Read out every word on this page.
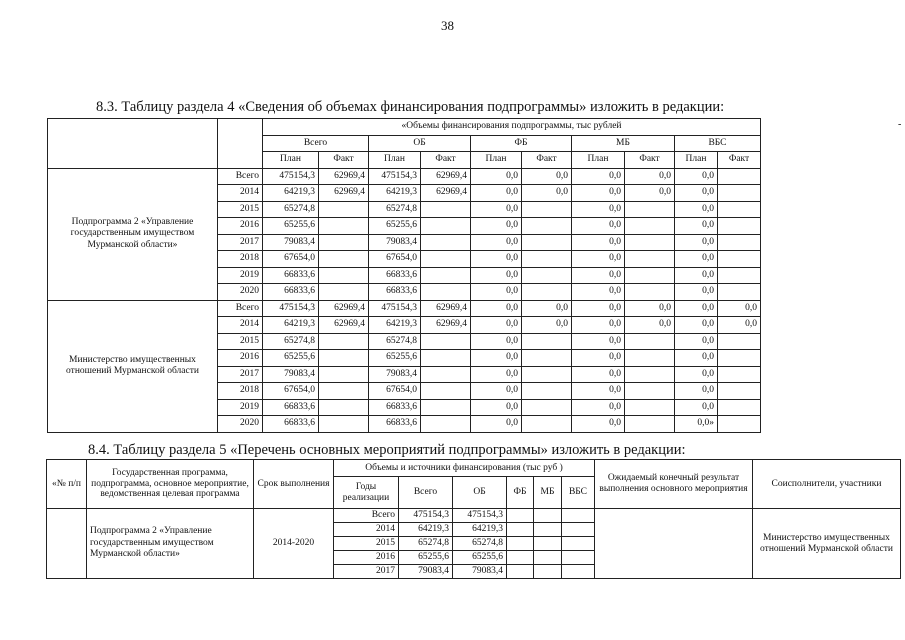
38
8.3. Таблицу раздела 4 «Сведения об объемах финансирования подпрограммы» изложить в редакции:
-
		«Объемы финансирования подпрограммы, тыс рублей									
		Всего		ОБ		ФБ		МБ		ВБС	
		План	Факт	План	Факт	План	Факт	План	Факт	План	Факт
Подпрограмма 2 «Управление государственным имуществом Мурманской области»	Всего	475154,3	62969,4	475154,3	62969,4	0,0	0,0	0,0	0,0	0,0	
	2014	64219,3	62969,4	64219,3	62969,4	0,0	0,0	0,0	0,0	0,0	
	2015	65274,8		65274,8		0,0		0,0		0,0	
	2016	65255,6		65255,6		0,0		0,0		0,0	
	2017	79083,4		79083,4		0,0		0,0		0,0	
	2018	67654,0		67654,0		0,0		0,0		0,0	
	2019	66833,6		66833,6		0,0		0,0		0,0	
	2020	66833,6		66833,6		0,0		0,0		0,0	
Министерство имущественных отношений Мурманской области	Всего	475154,3	62969,4	475154,3	62969,4	0,0	0,0	0,0	0,0	0,0	0,0
	2014	64219,3	62969,4	64219,3	62969,4	0,0	0,0	0,0	0,0	0,0	0,0
	2015	65274,8		65274,8		0,0		0,0		0,0	
	2016	65255,6		65255,6		0,0		0,0		0,0	
	2017	79083,4		79083,4		0,0		0,0		0,0	
	2018	67654,0		67654,0		0,0		0,0		0,0	
	2019	66833,6		66833,6		0,0		0,0		0,0	
	2020	66833,6		66833,6		0,0		0,0		0,0»	
8.4. Таблицу раздела 5 «Перечень основных мероприятий подпрограммы» изложить в редакции:
«№ п/п	Государственная программа, подпрограмма, основное мероприятие, ведомственная целевая программа	Срок выполнения	Объемы и источники финансирования (тыс руб )						Ожидаемый конечный результат выполнения основного мероприятия	Соисполнители, участники
			Годы реализации	Всего	ОБ	ФБ	МБ	ВБС		
	Подпрограмма 2 «Управление государственным имуществом Мурманской области»	2014-2020	Всего	475154,3	475154,3					Министерство имущественных отношений Мурманской области
			2014	64219,3	64219,3					
			2015	65274,8	65274,8					
			2016	65255,6	65255,6					
			2017	79083,4	79083,4					
